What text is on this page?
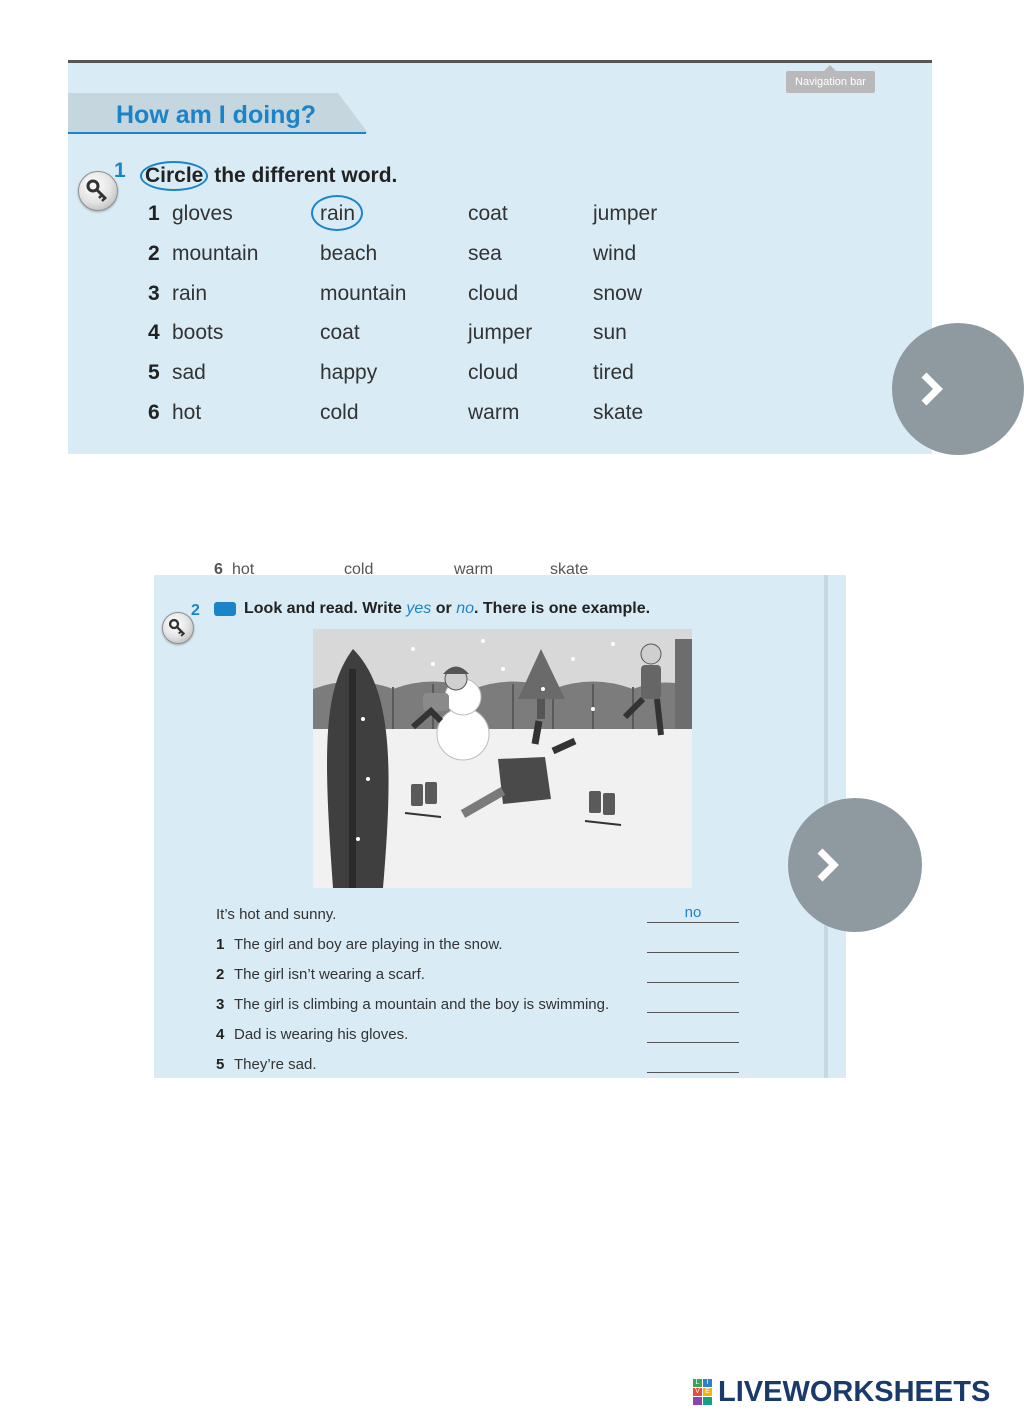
Navigation bar
How am I doing?
1 Circle the different word.
1 gloves	rain	coat	jumper
2 mountain	beach	sea	wind
3 rain	mountain	cloud	snow
4 boots	coat	jumper	sun
5 sad	happy	cloud	tired
6 hot	cold	warm	skate
6 hot	cold	warm	skate
2	Look and read. Write yes or no. There is one example.
It’s hot and sunny.	no
1 The girl and boy are playing in the snow.
2 The girl isn’t wearing a scarf.
3 The girl is climbing a mountain and the boy is swimming.
4 Dad is wearing his gloves.
5 They’re sad.
L	I
V E LIVEWORKSHEETS
